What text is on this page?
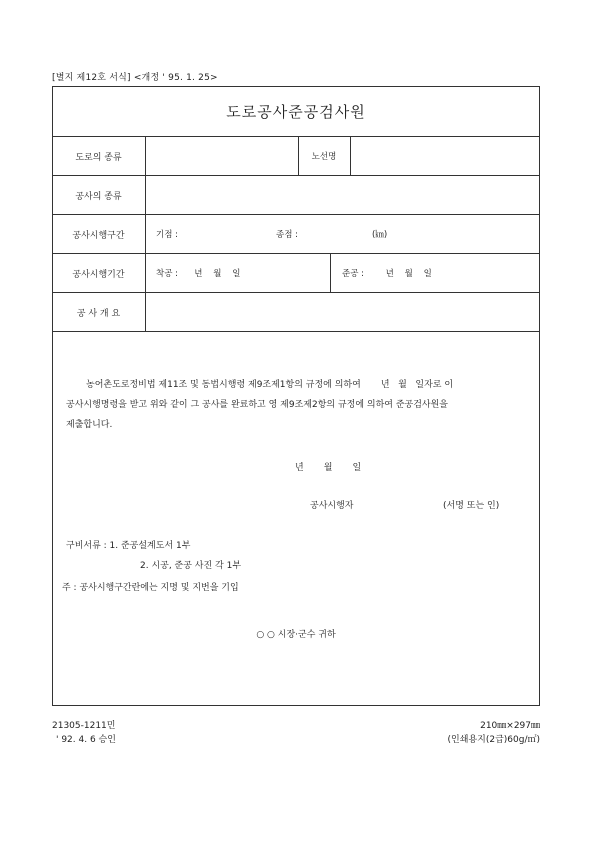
[별지 제12호 서식] <개정 ' 95. 1. 25>
도로공사준공검사원
도로의 종류	노선명
공사의 종류
공사시행구간	기점 :	종점 :	(㎞)
공사시행기간	착공 :      년    월    일	준공 :        년    월    일
공 사 개 요
농어촌도로정비법 제11조 및 동법시행령 제9조제1항의 규정에 의하여       년   월   일자로 이
공사시행명령을 받고 위와 같이 그 공사를 완료하고 영 제9조제2항의 규정에 의하여 준공검사원을
제출합니다.
년       월       일
공사시행자	(서명 또는 인)
구비서류 : 1. 준공설계도서 1부
2. 시공, 준공 사진 각 1부
주 : 공사시행구간란에는 지명 및 지번을 기입
○ ○ 시장·군수 귀하
21305-1211민
' 92. 4. 6 승인
210㎜×297㎜
(인쇄용지(2급)60g/㎡)
